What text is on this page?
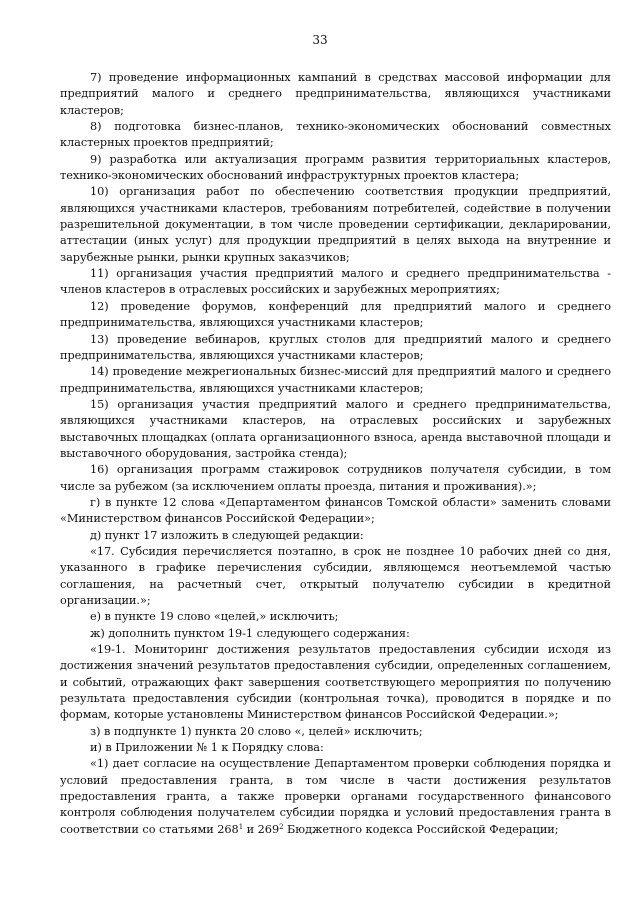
33

7) проведение информационных кампаний в средствах массовой информации для предприятий малого и среднего предпринимательства, являющихся участниками кластеров;

8) подготовка бизнес-планов, технико-экономических обоснований совместных кластерных проектов предприятий;

9) разработка или актуализация программ развития территориальных кластеров, технико-экономических обоснований инфраструктурных проектов кластера;

10) организация работ по обеспечению соответствия продукции предприятий, являющихся участниками кластеров, требованиям потребителей, содействие в получении разрешительной документации, в том числе проведении сертификации, декларировании, аттестации (иных услуг) для продукции предприятий в целях выхода на внутренние и зарубежные рынки, рынки крупных заказчиков;

11) организация участия предприятий малого и среднего предпринимательства - членов кластеров в отраслевых российских и зарубежных мероприятиях;

12) проведение форумов, конференций для предприятий малого и среднего предпринимательства, являющихся участниками кластеров;

13) проведение вебинаров, круглых столов для предприятий малого и среднего предпринимательства, являющихся участниками кластеров;

14) проведение межрегиональных бизнес-миссий для предприятий малого и среднего предпринимательства, являющихся участниками кластеров;

15) организация участия предприятий малого и среднего предпринимательства, являющихся участниками кластеров, на отраслевых российских и зарубежных выставочных площадках (оплата организационного взноса, аренда выставочной площади и выставочного оборудования, застройка стенда);

16) организация программ стажировок сотрудников получателя субсидии, в том числе за рубежом (за исключением оплаты проезда, питания и проживания).»;

г) в пункте 12 слова «Департаментом финансов Томской области» заменить словами «Министерством финансов Российской Федерации»;

д) пункт 17 изложить в следующей редакции:

«17. Субсидия перечисляется поэтапно, в срок не позднее 10 рабочих дней со дня, указанного в графике перечисления субсидии, являющемся неотъемлемой частью соглашения, на расчетный счет, открытый получателю субсидии в кредитной организации.»;

е) в пункте 19 слово «целей,» исключить;

ж) дополнить пунктом 19-1 следующего содержания:

«19-1. Мониторинг достижения результатов предоставления субсидии исходя из достижения значений результатов предоставления субсидии, определенных соглашением, и событий, отражающих факт завершения соответствующего мероприятия по получению результата предоставления субсидии (контрольная точка), проводится в порядке и по формам, которые установлены Министерством финансов Российской Федерации.»;

з) в подпункте 1) пункта 20 слово «, целей» исключить;

и) в Приложении № 1 к Порядку слова:

«1) дает согласие на осуществление Департаментом проверки соблюдения порядка и условий предоставления гранта, в том числе в части достижения результатов предоставления гранта, а также проверки органами государственного финансового контроля соблюдения получателем субсидии порядка и условий предоставления гранта в соответствии со статьями $268^1$ и $269^2$ Бюджетного кодекса Российской Федерации;
